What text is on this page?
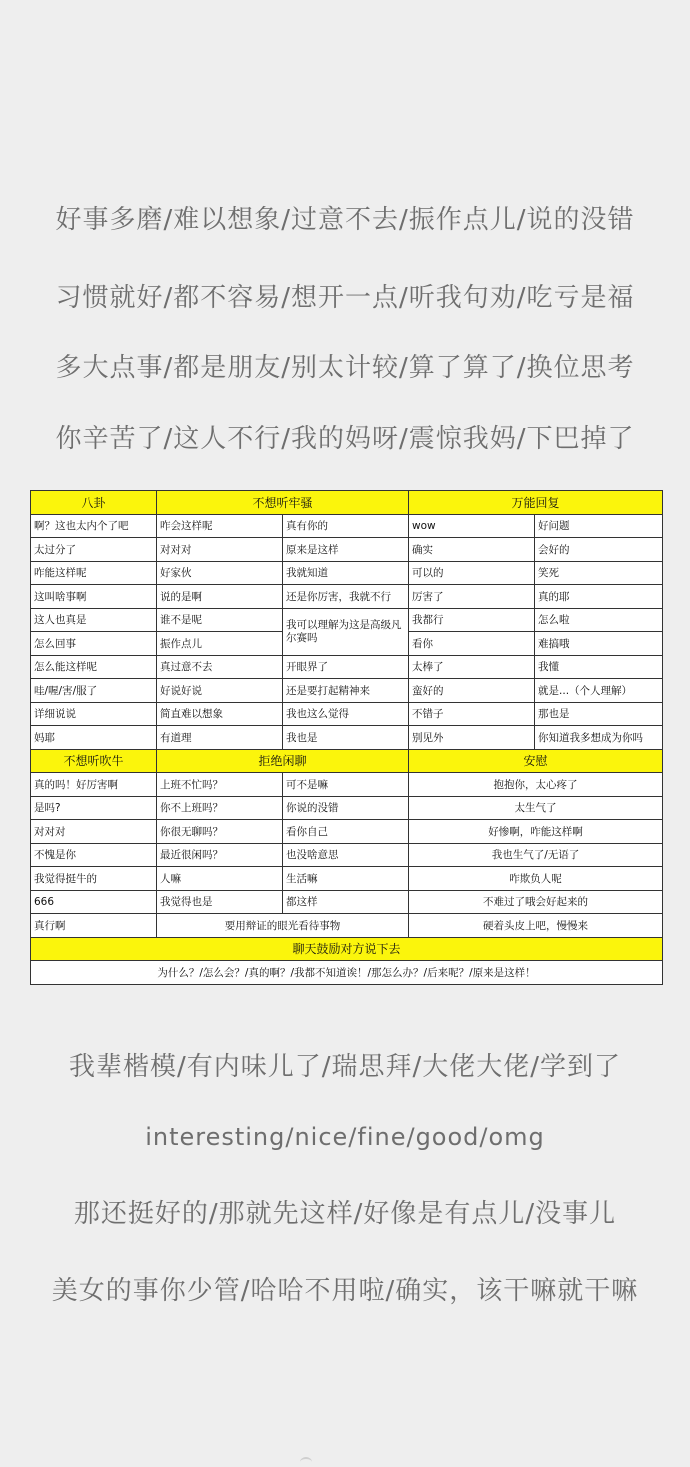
好事多磨/难以想象/过意不去/振作点儿/说的没错
习惯就好/都不容易/想开一点/听我句劝/吃亏是福
多大点事/都是朋友/别太计较/算了算了/换位思考
你辛苦了/这人不行/我的妈呀/震惊我妈/下巴掉了
八卦	不想听牢骚		万能回复	
啊？这也太内个了吧	咋会这样呢	真有你的	wow	好问题
太过分了	对对对	原来是这样	确实	会好的
咋能这样呢	好家伙	我就知道	可以的	笑死
这叫啥事啊	说的是啊	还是你厉害，我就不行	厉害了	真的耶
这人也真是	谁不是呢	我可以理解为这是高级凡尔赛吗	我都行	怎么啦
怎么回事	振作点儿		看你	难搞哦
怎么能这样呢	真过意不去	开眼界了	太棒了	我懂
哇/喔/害/服了	好说好说	还是要打起精神来	蛮好的	就是...（个人理解）
详细说说	简直难以想象	我也这么觉得	不错子	那也是
妈耶	有道理	我也是	别见外	你知道我多想成为你吗
不想听吹牛	拒绝闲聊		安慰	
真的吗！好厉害啊	上班不忙吗？	可不是嘛	抱抱你，太心疼了	
是吗?	你不上班吗？	你说的没错	太生气了	
对对对	你很无聊吗？	看你自己	好惨啊，咋能这样啊	
不愧是你	最近很闲吗？	也没啥意思	我也生气了/无语了	
我觉得挺牛的	人嘛	生活嘛	咋欺负人呢	
666	我觉得也是	都这样	不难过了哦会好起来的	
真行啊	要用辩证的眼光看待事物		硬着头皮上吧，慢慢来	
聊天鼓励对方说下去				
为什么？/怎么会？/真的啊？/我都不知道诶！/那怎么办？/后来呢？/原来是这样！				
我辈楷模/有内味儿了/瑞思拜/大佬大佬/学到了
interesting/nice/fine/good/omg
那还挺好的/那就先这样/好像是有点儿/没事儿
美女的事你少管/哈哈不用啦/确实，该干嘛就干嘛
